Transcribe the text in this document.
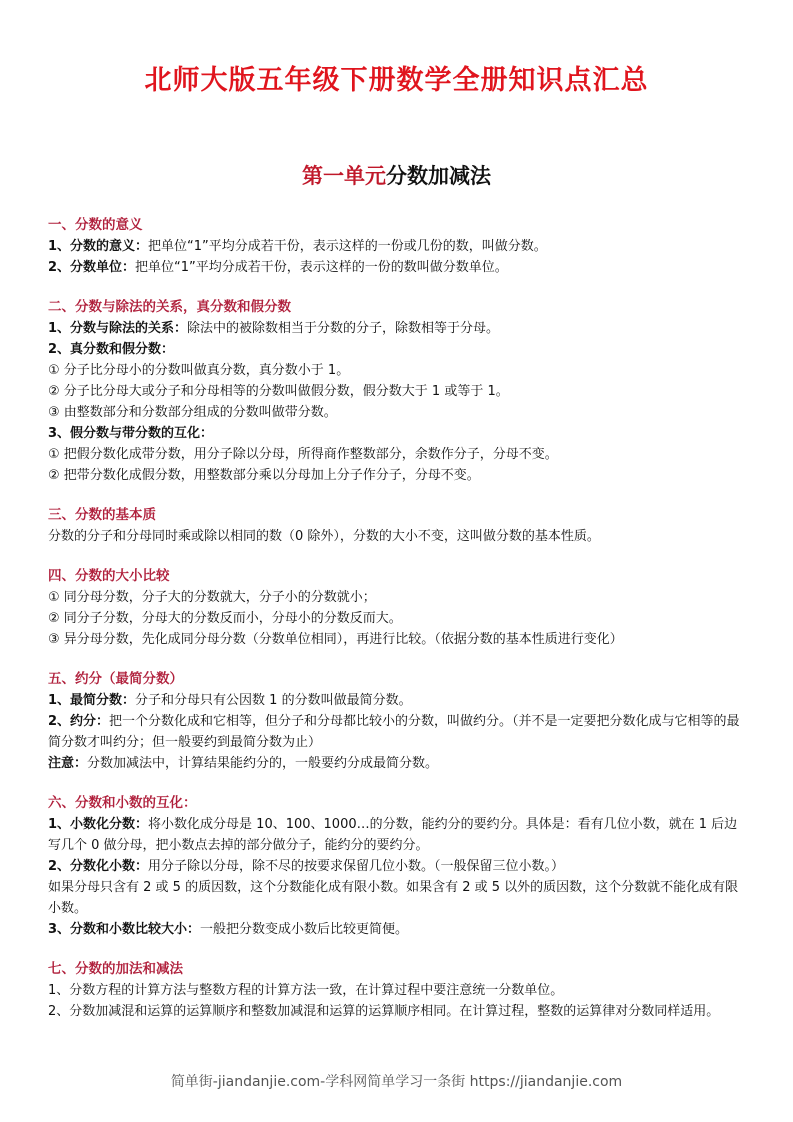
北师大版五年级下册数学全册知识点汇总
第一单元分数加减法
一、分数的意义
1、分数的意义：把单位“1”平均分成若干份，表示这样的一份或几份的数，叫做分数。
2、分数单位：把单位“1”平均分成若干份，表示这样的一份的数叫做分数单位。
二、分数与除法的关系，真分数和假分数
1、分数与除法的关系：除法中的被除数相当于分数的分子，除数相等于分母。
2、真分数和假分数：
① 分子比分母小的分数叫做真分数，真分数小于 1。
② 分子比分母大或分子和分母相等的分数叫做假分数，假分数大于 1 或等于 1。
③ 由整数部分和分数部分组成的分数叫做带分数。
3、假分数与带分数的互化：
① 把假分数化成带分数，用分子除以分母，所得商作整数部分，余数作分子，分母不变。
② 把带分数化成假分数，用整数部分乘以分母加上分子作分子，分母不变。
三、分数的基本质
分数的分子和分母同时乘或除以相同的数（0 除外），分数的大小不变，这叫做分数的基本性质。
四、分数的大小比较
① 同分母分数，分子大的分数就大，分子小的分数就小；
② 同分子分数，分母大的分数反而小，分母小的分数反而大。
③ 异分母分数，先化成同分母分数（分数单位相同），再进行比较。（依据分数的基本性质进行变化）
五、约分（最简分数）
1、最简分数：分子和分母只有公因数 1 的分数叫做最简分数。
2、约分：把一个分数化成和它相等，但分子和分母都比较小的分数，叫做约分。（并不是一定要把分数化成与它相等的最简分数才叫约分；但一般要约到最简分数为止）
注意：分数加减法中，计算结果能约分的，一般要约分成最简分数。
六、分数和小数的互化：
1、小数化分数：将小数化成分母是 10、100、1000…的分数，能约分的要约分。具体是：看有几位小数，就在 1 后边写几个 0 做分母，把小数点去掉的部分做分子，能约分的要约分。
2、分数化小数：用分子除以分母，除不尽的按要求保留几位小数。（一般保留三位小数。）
如果分母只含有 2 或 5 的质因数，这个分数能化成有限小数。如果含有 2 或 5 以外的质因数，这个分数就不能化成有限小数。
3、分数和小数比较大小：一般把分数变成小数后比较更简便。
七、分数的加法和减法
1、分数方程的计算方法与整数方程的计算方法一致，在计算过程中要注意统一分数单位。
2、分数加减混和运算的运算顺序和整数加减混和运算的运算顺序相同。在计算过程，整数的运算律对分数同样适用。
简单街-jiandanjie.com-学科网简单学习一条街 https://jiandanjie.com
